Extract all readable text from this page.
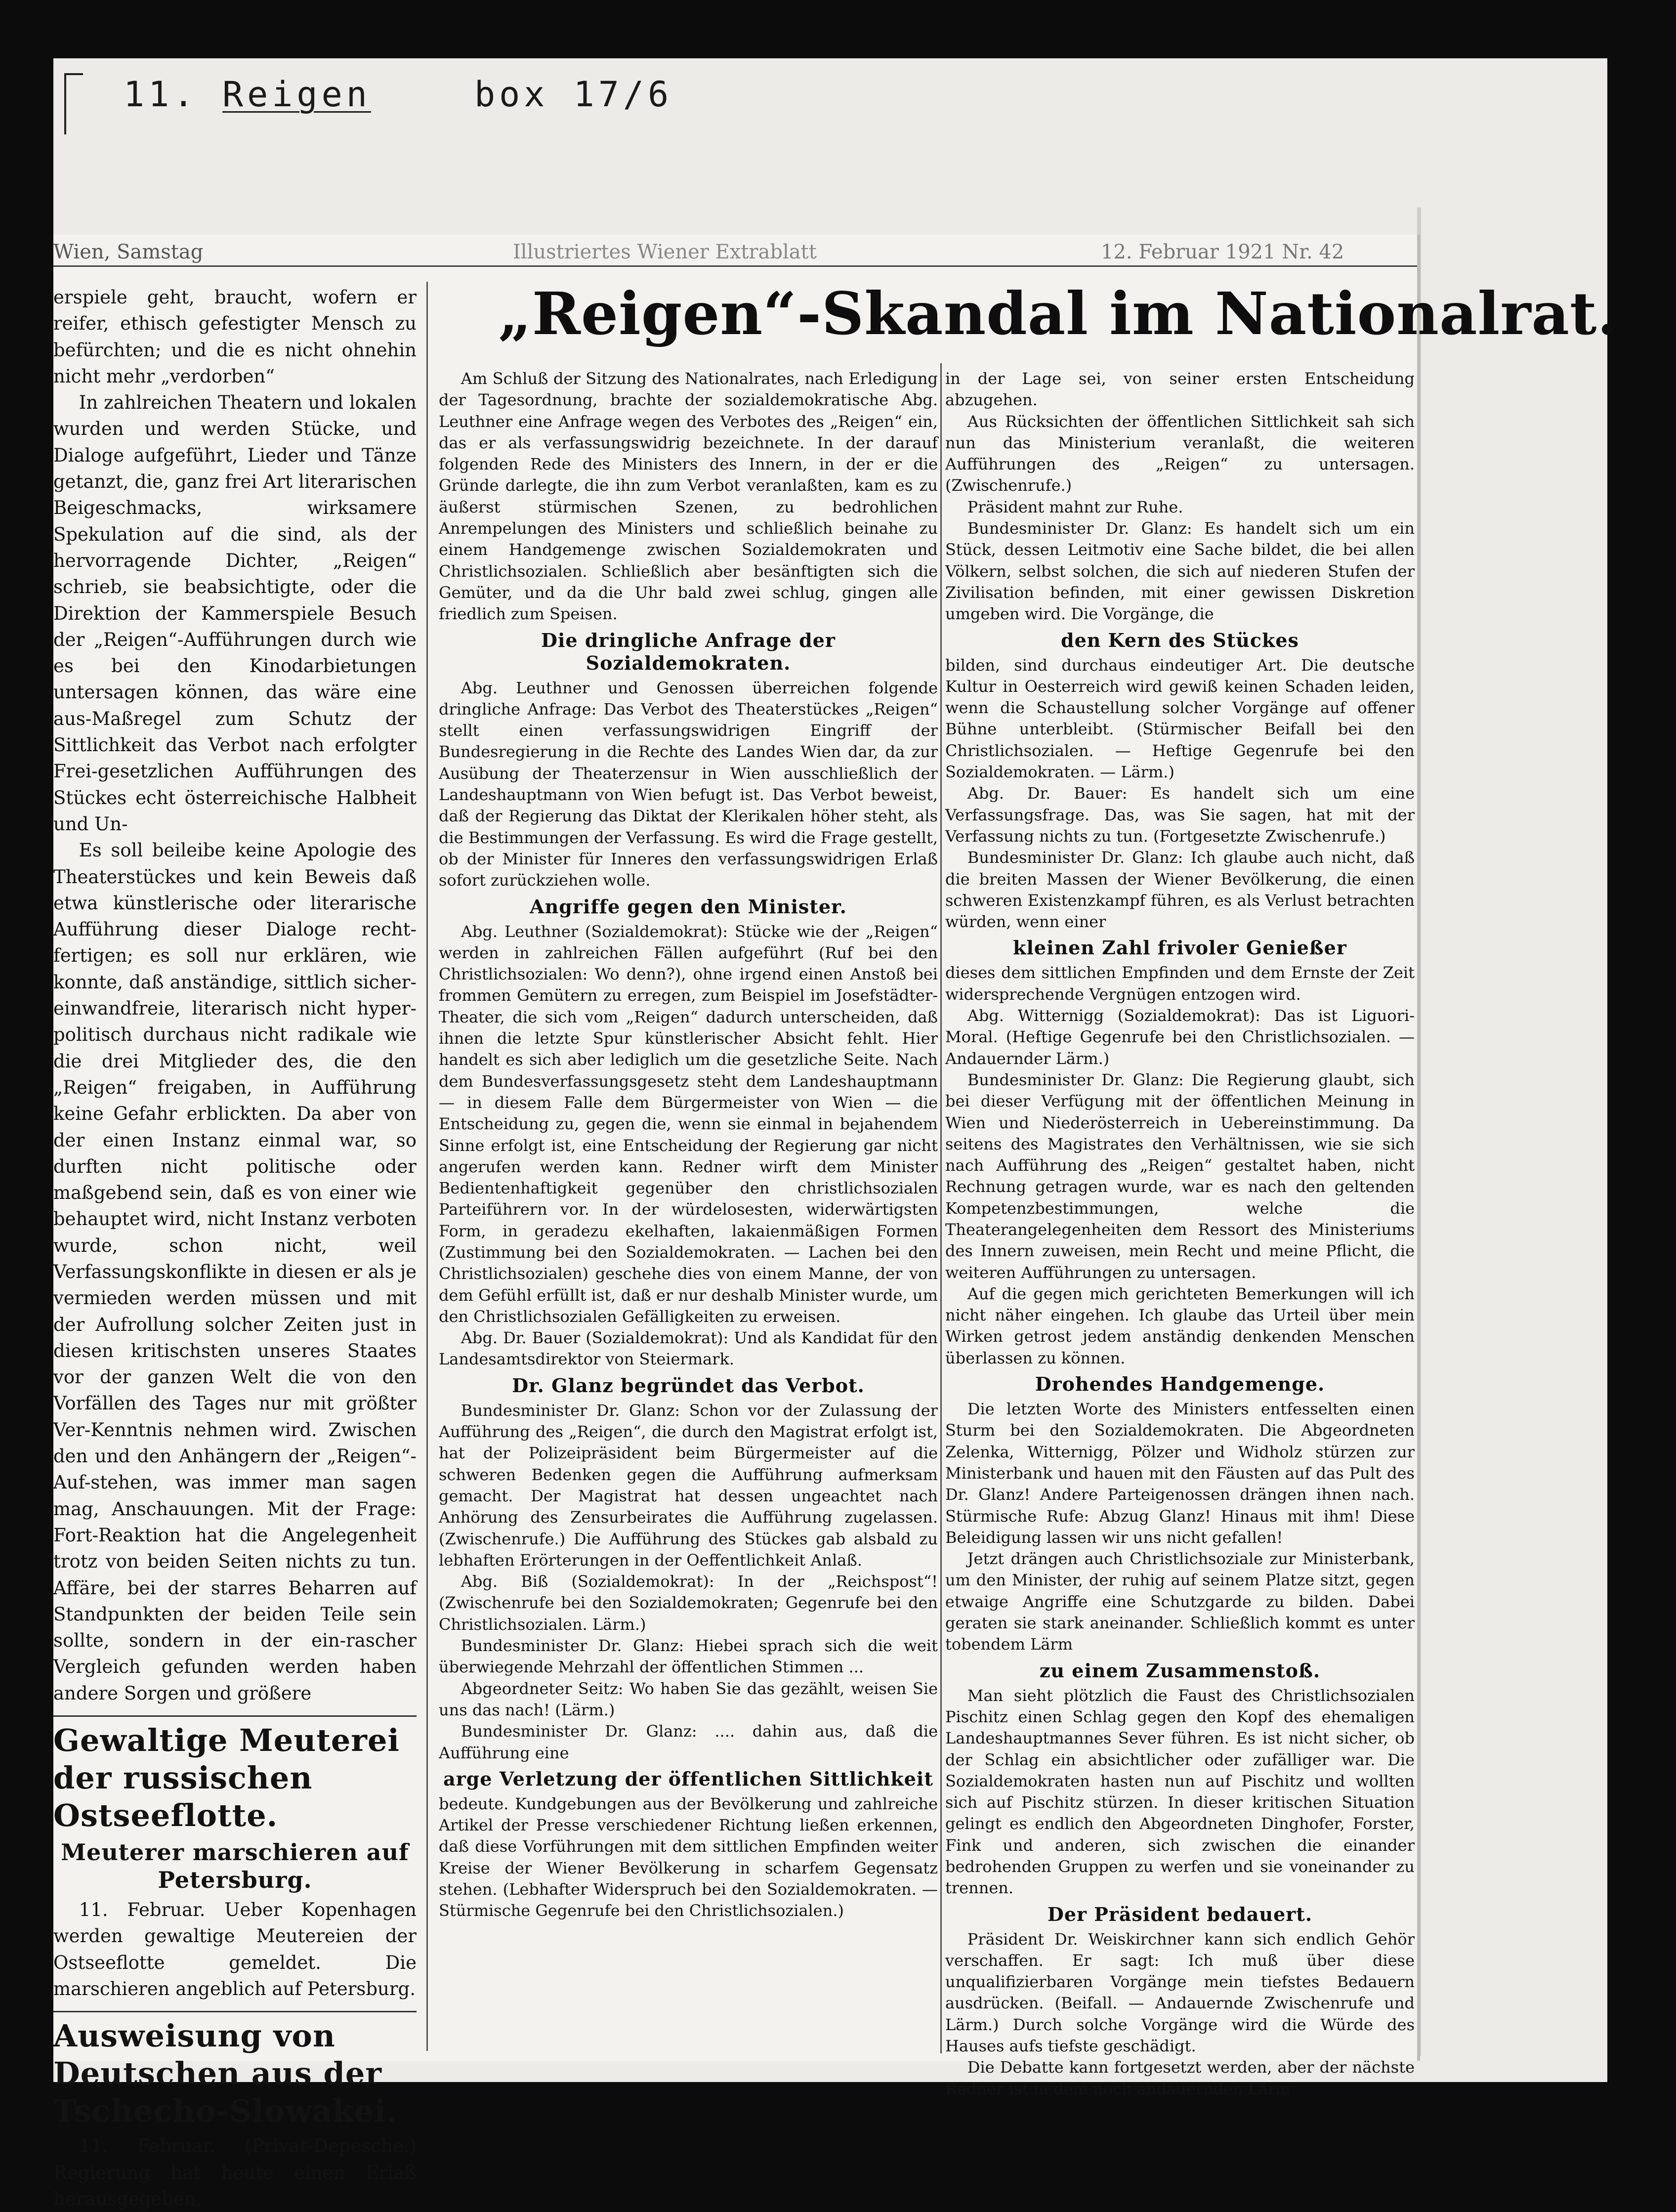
11. Reigen	box 17/6
Wien, Samstag	Illustriertes Wiener Extrablatt	12. Februar 1921 Nr. 42
„Reigen“-Skandal im Nationalrat.

erspiele geht, braucht, wofern er reifer, ethisch gefestigter Mensch zu befürchten; und die es nicht ohnehin nicht mehr „verdorben“

In zahlreichen Theatern und lokalen wurden und werden Stücke, und Dialoge aufgeführt, Lieder und Tänze getanzt, die, ganz frei Art literarischen Beigeschmacks, wirksamere Spekulation auf die sind, als der hervorragende Dichter, „Reigen“ schrieb, sie beabsichtigte, oder die Direktion der Kammerspiele Besuch der „Reigen“-Aufführungen durch wie es bei den Kinodarbietungen untersagen können, das wäre eine aus-Maßregel zum Schutz der Sittlichkeit das Verbot nach erfolgter Frei-gesetzlichen Aufführungen des Stückes echt österreichische Halbheit und Un-

Es soll beileibe keine Apologie des Theaterstückes und kein Beweis daß etwa künstlerische oder literarische Aufführung dieser Dialoge recht-fertigen; es soll nur erklären, wie konnte, daß anständige, sittlich sicher-einwandfreie, literarisch nicht hyper-politisch durchaus nicht radikale wie die drei Mitglieder des, die den „Reigen“ freigaben, in Aufführung keine Gefahr erblickten. Da aber von der einen Instanz einmal war, so durften nicht politische oder maßgebend sein, daß es von einer wie behauptet wird, nicht Instanz verboten wurde, schon nicht, weil Verfassungskonflikte in diesen er als je vermieden werden müssen und mit der Aufrollung solcher Zeiten just in diesen kritischsten unseres Staates vor der ganzen Welt die von den Vorfällen des Tages nur mit größter Ver-Kenntnis nehmen wird. Zwischen den und den Anhängern der „Reigen“-Auf-stehen, was immer man sagen mag, Anschauungen. Mit der Frage: Fort-Reaktion hat die Angelegenheit trotz von beiden Seiten nichts zu tun. Affäre, bei der starres Beharren auf Standpunkten der beiden Teile sein sollte, sondern in der ein-rascher Vergleich gefunden werden haben andere Sorgen und größere

Gewaltige Meuterei der russischen Ostseeflotte.
Meuterer marschieren auf Petersburg.

11. Februar. Ueber Kopenhagen werden gewaltige Meutereien der Ostseeflotte gemeldet. Die marschieren angeblich auf Petersburg.

Ausweisung von Deutschen aus der Tschecho-Slowakei.

11. Februar. (Privat-Depesche.) Regierung hat heute einen Erlaß herausgegeben,

Am Schluß der Sitzung des Nationalrates, nach Erledigung der Tagesordnung, brachte der sozialdemokratische Abg. Leuthner eine Anfrage wegen des Verbotes des „Reigen“ ein, das er als verfassungswidrig bezeichnete. In der darauf folgenden Rede des Ministers des Innern, in der er die Gründe darlegte, die ihn zum Verbot veranlaßten, kam es zu äußerst stürmischen Szenen, zu bedrohlichen Anrempelungen des Ministers und schließlich beinahe zu einem Handgemenge zwischen Sozialdemokraten und Christlichsozialen. Schließlich aber besänftigten sich die Gemüter, und da die Uhr bald zwei schlug, gingen alle friedlich zum Speisen.

Die dringliche Anfrage der Sozialdemokraten.

Abg. Leuthner und Genossen überreichen folgende dringliche Anfrage: Das Verbot des Theaterstückes „Reigen“ stellt einen verfassungswidrigen Eingriff der Bundesregierung in die Rechte des Landes Wien dar, da zur Ausübung der Theaterzensur in Wien ausschließlich der Landeshauptmann von Wien befugt ist. Das Verbot beweist, daß der Regierung das Diktat der Klerikalen höher steht, als die Bestimmungen der Verfassung. Es wird die Frage gestellt, ob der Minister für Inneres den verfassungswidrigen Erlaß sofort zurückziehen wolle.

Angriffe gegen den Minister.

Abg. Leuthner (Sozialdemokrat): Stücke wie der „Reigen“ werden in zahlreichen Fällen aufgeführt (Ruf bei den Christlichsozialen: Wo denn?), ohne irgend einen Anstoß bei frommen Gemütern zu erregen, zum Beispiel im Josefstädter-Theater, die sich vom „Reigen“ dadurch unterscheiden, daß ihnen die letzte Spur künstlerischer Absicht fehlt. Hier handelt es sich aber lediglich um die gesetzliche Seite. Nach dem Bundesverfassungsgesetz steht dem Landeshauptmann — in diesem Falle dem Bürgermeister von Wien — die Entscheidung zu, gegen die, wenn sie einmal in bejahendem Sinne erfolgt ist, eine Entscheidung der Regierung gar nicht angerufen werden kann. Redner wirft dem Minister Bedientenhaftigkeit gegenüber den christlichsozialen Parteiführern vor. In der würdelosesten, widerwärtigsten Form, in geradezu ekelhaften, lakaienmäßigen Formen (Zustimmung bei den Sozialdemokraten. — Lachen bei den Christlichsozialen) geschehe dies von einem Manne, der von dem Gefühl erfüllt ist, daß er nur deshalb Minister wurde, um den Christlichsozialen Gefälligkeiten zu erweisen.

Abg. Dr. Bauer (Sozialdemokrat): Und als Kandidat für den Landesamtsdirektor von Steiermark.

Dr. Glanz begründet das Verbot.

Bundesminister Dr. Glanz: Schon vor der Zulassung der Aufführung des „Reigen“, die durch den Magistrat erfolgt ist, hat der Polizeipräsident beim Bürgermeister auf die schweren Bedenken gegen die Aufführung aufmerksam gemacht. Der Magistrat hat dessen ungeachtet nach Anhörung des Zensurbeirates die Aufführung zugelassen. (Zwischenrufe.) Die Aufführung des Stückes gab alsbald zu lebhaften Erörterungen in der Oeffentlichkeit Anlaß.

Abg. Biß (Sozialdemokrat): In der „Reichspost“! (Zwischenrufe bei den Sozialdemokraten; Gegenrufe bei den Christlichsozialen. Lärm.)

Bundesminister Dr. Glanz: Hiebei sprach sich die weit überwiegende Mehrzahl der öffentlichen Stimmen ...

Abgeordneter Seitz: Wo haben Sie das gezählt, weisen Sie uns das nach! (Lärm.)

Bundesminister Dr. Glanz: .... dahin aus, daß die Aufführung eine

arge Verletzung der öffentlichen Sittlichkeit

bedeute. Kundgebungen aus der Bevölkerung und zahlreiche Artikel der Presse verschiedener Richtung ließen erkennen, daß diese Vorführungen mit dem sittlichen Empfinden weiter Kreise der Wiener Bevölkerung in scharfem Gegensatz stehen. (Lebhafter Widerspruch bei den Sozialdemokraten. — Stürmische Gegenrufe bei den Christlichsozialen.)

in der Lage sei, von seiner ersten Entscheidung abzugehen.

Aus Rücksichten der öffentlichen Sittlichkeit sah sich nun das Ministerium veranlaßt, die weiteren Aufführungen des „Reigen“ zu untersagen. (Zwischenrufe.)

Präsident mahnt zur Ruhe.

Bundesminister Dr. Glanz: Es handelt sich um ein Stück, dessen Leitmotiv eine Sache bildet, die bei allen Völkern, selbst solchen, die sich auf niederen Stufen der Zivilisation befinden, mit einer gewissen Diskretion umgeben wird. Die Vorgänge, die

den Kern des Stückes

bilden, sind durchaus eindeutiger Art. Die deutsche Kultur in Oesterreich wird gewiß keinen Schaden leiden, wenn die Schaustellung solcher Vorgänge auf offener Bühne unterbleibt. (Stürmischer Beifall bei den Christlichsozialen. — Heftige Gegenrufe bei den Sozialdemokraten. — Lärm.)

Abg. Dr. Bauer: Es handelt sich um eine Verfassungsfrage. Das, was Sie sagen, hat mit der Verfassung nichts zu tun. (Fortgesetzte Zwischenrufe.)

Bundesminister Dr. Glanz: Ich glaube auch nicht, daß die breiten Massen der Wiener Bevölkerung, die einen schweren Existenzkampf führen, es als Verlust betrachten würden, wenn einer

kleinen Zahl frivoler Genießer

dieses dem sittlichen Empfinden und dem Ernste der Zeit widersprechende Vergnügen entzogen wird.

Abg. Witternigg (Sozialdemokrat): Das ist Liguori-Moral. (Heftige Gegenrufe bei den Christlichsozialen. — Andauernder Lärm.)

Bundesminister Dr. Glanz: Die Regierung glaubt, sich bei dieser Verfügung mit der öffentlichen Meinung in Wien und Niederösterreich in Uebereinstimmung. Da seitens des Magistrates den Verhältnissen, wie sie sich nach Aufführung des „Reigen“ gestaltet haben, nicht Rechnung getragen wurde, war es nach den geltenden Kompetenzbestimmungen, welche die Theaterangelegenheiten dem Ressort des Ministeriums des Innern zuweisen, mein Recht und meine Pflicht, die weiteren Aufführungen zu untersagen.

Auf die gegen mich gerichteten Bemerkungen will ich nicht näher eingehen. Ich glaube das Urteil über mein Wirken getrost jedem anständig denkenden Menschen überlassen zu können.

Drohendes Handgemenge.

Die letzten Worte des Ministers entfesselten einen Sturm bei den Sozialdemokraten. Die Abgeordneten Zelenka, Witternigg, Pölzer und Widholz stürzen zur Ministerbank und hauen mit den Fäusten auf das Pult des Dr. Glanz! Andere Parteigenossen drängen ihnen nach. Stürmische Rufe: Abzug Glanz! Hinaus mit ihm! Diese Beleidigung lassen wir uns nicht gefallen!

Jetzt drängen auch Christlichsoziale zur Ministerbank, um den Minister, der ruhig auf seinem Platze sitzt, gegen etwaige Angriffe eine Schutzgarde zu bilden. Dabei geraten sie stark aneinander. Schließlich kommt es unter tobendem Lärm

zu einem Zusammenstoß.

Man sieht plötzlich die Faust des Christlichsozialen Pischitz einen Schlag gegen den Kopf des ehemaligen Landeshauptmannes Sever führen. Es ist nicht sicher, ob der Schlag ein absichtlicher oder zufälliger war. Die Sozialdemokraten hasten nun auf Pischitz und wollten sich auf Pischitz stürzen. In dieser kritischen Situation gelingt es endlich den Abgeordneten Dinghofer, Forster, Fink und anderen, sich zwischen die einander bedrohenden Gruppen zu werfen und sie voneinander zu trennen.

Der Präsident bedauert.

Präsident Dr. Weiskirchner kann sich endlich Gehör verschaffen. Er sagt: Ich muß über diese unqualifizierbaren Vorgänge mein tiefstes Bedauern ausdrücken. (Beifall. — Andauernde Zwischenrufe und Lärm.) Durch solche Vorgänge wird die Würde des Hauses aufs tiefste geschädigt.

Die Debatte kann fortgesetzt werden, aber der nächste Redner ist in dem noch andauernden Lärm
